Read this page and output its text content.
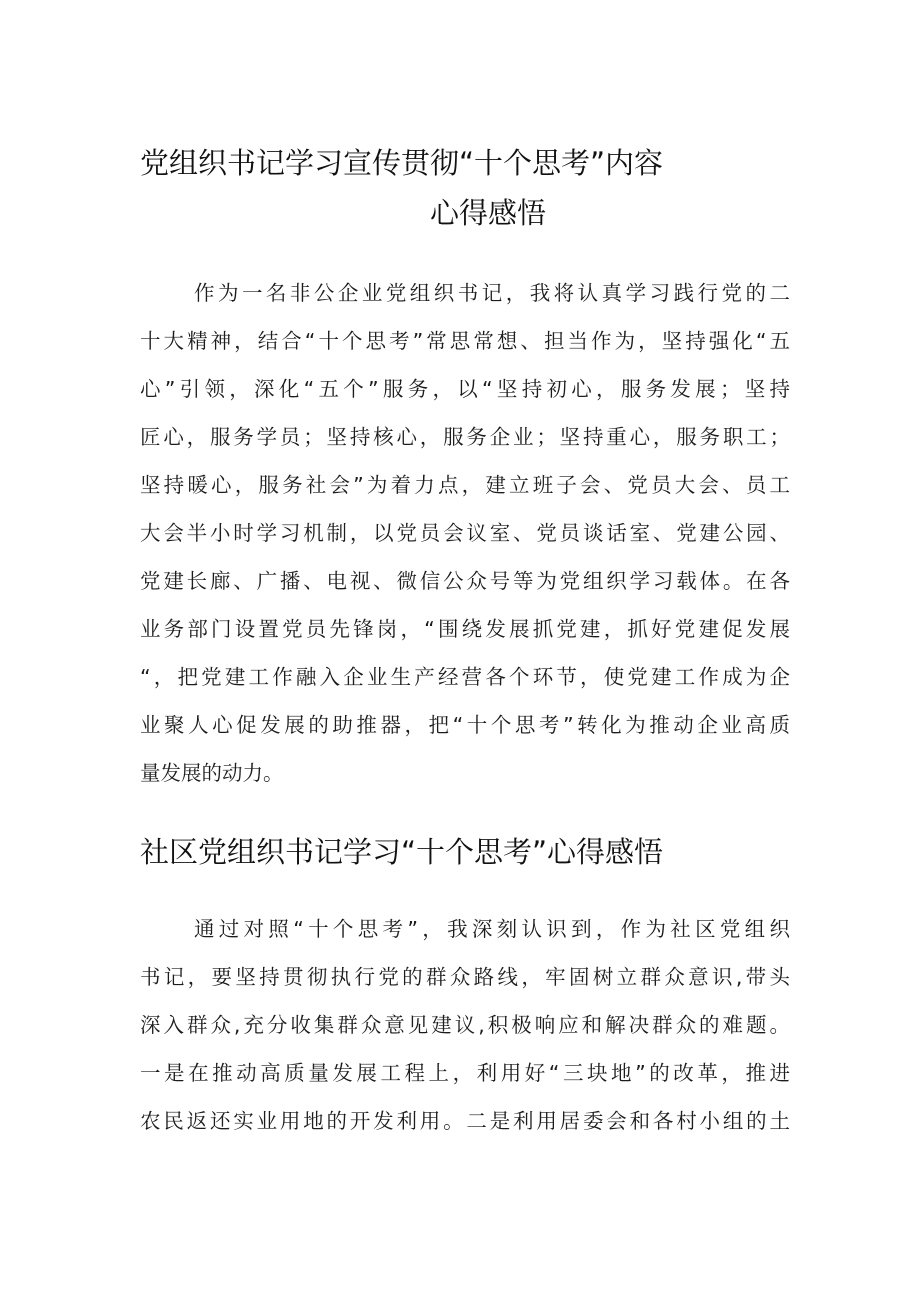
党组织书记学习宣传贯彻“十个思考”内容
心得感悟
作为一名非公企业党组织书记，我将认真学习践行党的二
十大精神，结合“十个思考”常思常想、担当作为，坚持强化“五
心”引领，深化“五个”服务，以“坚持初心，服务发展；坚持
匠心，服务学员；坚持核心，服务企业；坚持重心，服务职工；
坚持暖心，服务社会”为着力点，建立班子会、党员大会、员工
大会半小时学习机制，以党员会议室、党员谈话室、党建公园、
党建长廊、广播、电视、微信公众号等为党组织学习载体。在各
业务部门设置党员先锋岗，“围绕发展抓党建，抓好党建促发展
“，把党建工作融入企业生产经营各个环节，使党建工作成为企
业聚人心促发展的助推器，把“十个思考”转化为推动企业高质
量发展的动力。
社区党组织书记学习“十个思考”心得感悟
通过对照“十个思考”，我深刻认识到，作为社区党组织
书记，要坚持贯彻执行党的群众路线，牢固树立群众意识,带头
深入群众,充分收集群众意见建议,积极响应和解决群众的难题。
一是在推动高质量发展工程上，利用好“三块地”的改革，推进
农民返还实业用地的开发利用。二是利用居委会和各村小组的土
